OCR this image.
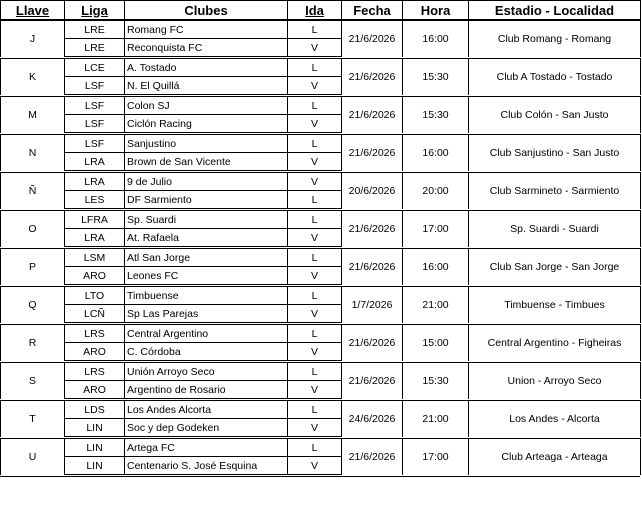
Llave	Liga	Clubes	Ida	Fecha	Hora	Estadio - Localidad
J	LRE	Romang FC	L	21/6/2026	16:00	Club Romang - Romang
	LRE	Reconquista FC	V			

K	LCE	A. Tostado	L	21/6/2026	15:30	Club A Tostado - Tostado
	LSF	N. El Quillá	V			

M	LSF	Colon SJ	L	21/6/2026	15:30	Club Colón - San Justo
	LSF	Ciclón Racing	V			

N	LSF	Sanjustino	L	21/6/2026	16:00	Club Sanjustino - San Justo
	LRA	Brown de San Vicente	V			

Ñ	LRA	9 de Julio	V	20/6/2026	20:00	Club Sarmineto - Sarmiento
	LES	DF Sarmiento	L			

O	LFRA	Sp. Suardi	L	21/6/2026	17:00	Sp. Suardi - Suardi
	LRA	At. Rafaela	V			

P	LSM	Atl San Jorge	L	21/6/2026	16:00	Club San Jorge - San Jorge
	ARO	Leones FC	V			

Q	LTO	Timbuense	L	1/7/2026	21:00	Timbuense - Timbues
	LCÑ	Sp Las Parejas	V			

R	LRS	Central Argentino	L	21/6/2026	15:00	Central Argentino - Figheiras
	ARO	C. Córdoba	V			

S	LRS	Unión Arroyo Seco	L	21/6/2026	15:30	Union - Arroyo Seco
	ARO	Argentino de Rosario	V			

T	LDS	Los Andes Alcorta	L	24/6/2026	21:00	Los Andes - Alcorta
	LIN	Soc y dep Godeken	V			

U	LIN	Artega FC	L	21/6/2026	17:00	Club Arteaga - Arteaga
	LIN	Centenario S. José Esquina	V			
